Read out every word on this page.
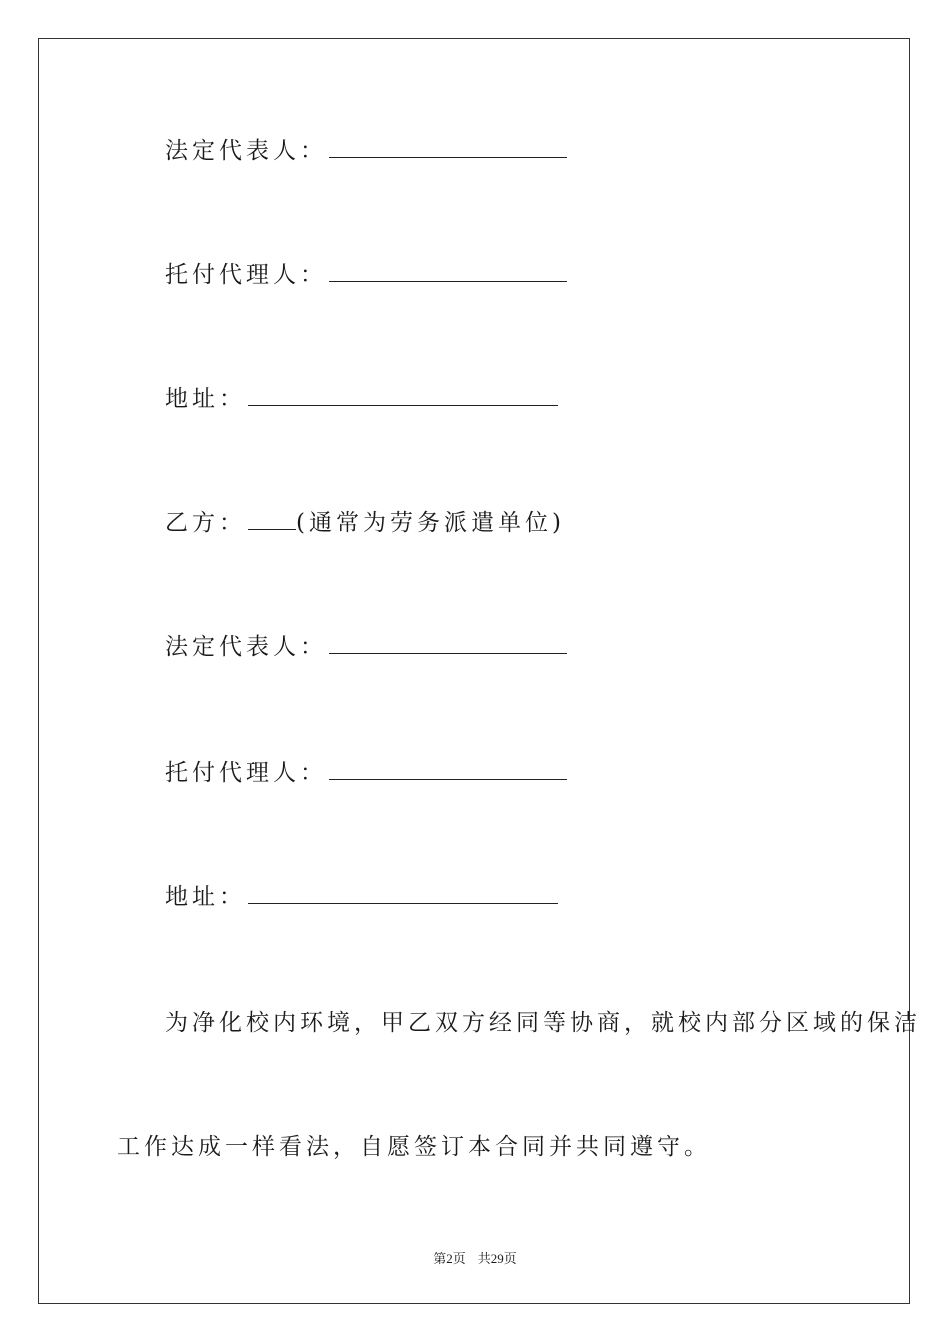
法定代表人：
托付代理人：
地址：
乙方： (通常为劳务派遣单位)
法定代表人：
托付代理人：
地址：
为净化校内环境，甲乙双方经同等协商，就校内部分区域的保洁
工作达成一样看法，自愿签订本合同并共同遵守。
第2页 共29页
